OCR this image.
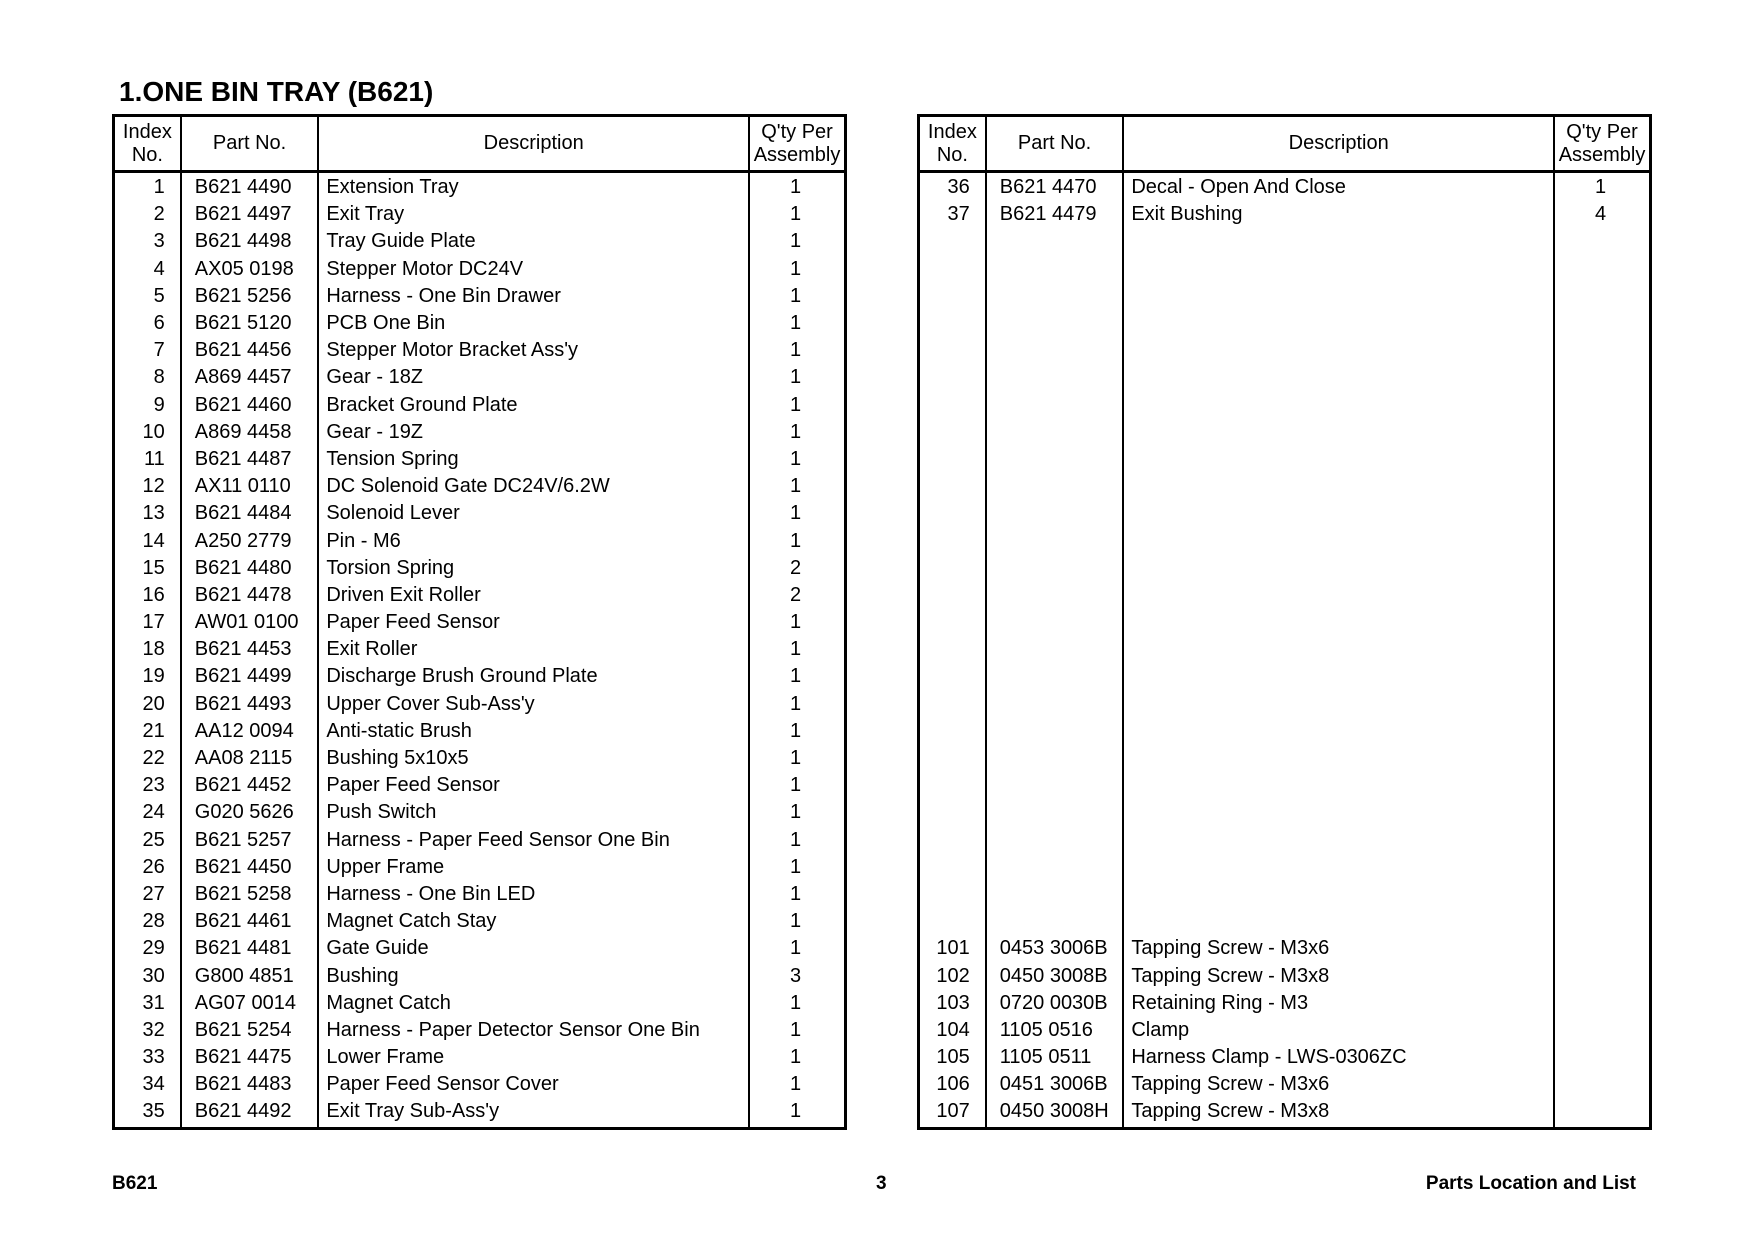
1.ONE BIN TRAY (B621)
Index
No.	Part No.	Description	Q'ty Per
Assembly
1	B621 4490	Extension Tray	1
2	B621 4497	Exit Tray	1
3	B621 4498	Tray Guide Plate	1
4	AX05 0198	Stepper Motor DC24V	1
5	B621 5256	Harness - One Bin Drawer	1
6	B621 5120	PCB One Bin	1
7	B621 4456	Stepper Motor Bracket Ass'y	1
8	A869 4457	Gear - 18Z	1
9	B621 4460	Bracket Ground Plate	1
10	A869 4458	Gear - 19Z	1
11	B621 4487	Tension Spring	1
12	AX11 0110	DC Solenoid Gate DC24V/6.2W	1
13	B621 4484	Solenoid Lever	1
14	A250 2779	Pin - M6	1
15	B621 4480	Torsion Spring	2
16	B621 4478	Driven Exit Roller	2
17	AW01 0100	Paper Feed Sensor	1
18	B621 4453	Exit Roller	1
19	B621 4499	Discharge Brush Ground Plate	1
20	B621 4493	Upper Cover Sub-Ass'y	1
21	AA12 0094	Anti-static Brush	1
22	AA08 2115	Bushing 5x10x5	1
23	B621 4452	Paper Feed Sensor	1
24	G020 5626	Push Switch	1
25	B621 5257	Harness - Paper Feed Sensor One Bin	1
26	B621 4450	Upper Frame	1
27	B621 5258	Harness - One Bin LED	1
28	B621 4461	Magnet Catch Stay	1
29	B621 4481	Gate Guide	1
30	G800 4851	Bushing	3
31	AG07 0014	Magnet Catch	1
32	B621 5254	Harness - Paper Detector Sensor One Bin	1
33	B621 4475	Lower Frame	1
34	B621 4483	Paper Feed Sensor Cover	1
35	B621 4492	Exit Tray Sub-Ass'y	1
Index
No.	Part No.	Description	Q'ty Per
Assembly
36	B621 4470	Decal - Open And Close	1
37	B621 4479	Exit Bushing	4

101	0453 3006B	Tapping Screw - M3x6	
102	0450 3008B	Tapping Screw - M3x8	
103	0720 0030B	Retaining Ring - M3	
104	1105 0516	Clamp	
105	1105 0511	Harness Clamp - LWS-0306ZC	
106	0451 3006B	Tapping Screw - M3x6	
107	0450 3008H	Tapping Screw - M3x8	
B621	3	Parts Location and List
